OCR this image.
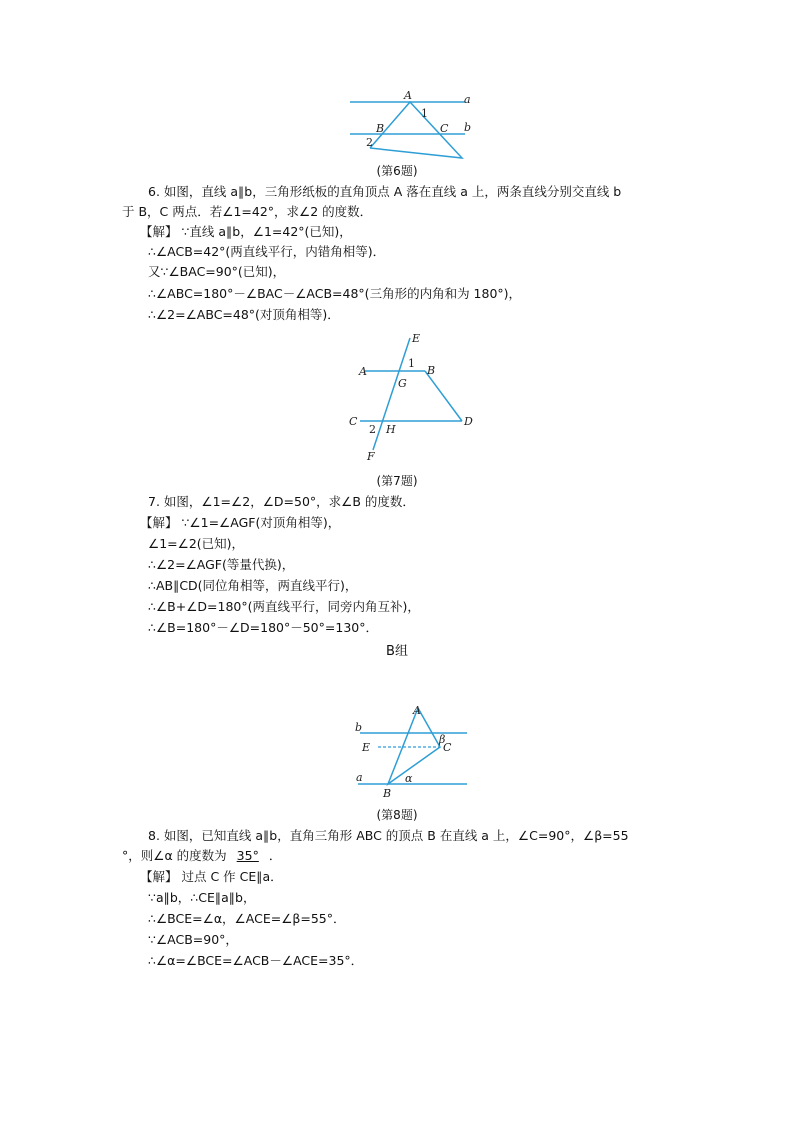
A	a
1
B	C b
2
(第6题)
6. 如图，直线 a∥b，三角形纸板的直角顶点 A 落在直线 a 上，两条直线分别交直线 b
于 B，C 两点．若∠1=42°，求∠2 的度数．
【解】 ∵直线 a∥b，∠1=42°(已知)，
∴∠ACB=42°(两直线平行，内错角相等)．
又∵∠BAC=90°(已知)，
∴∠ABC=180°－∠BAC－∠ACB=48°(三角形的内角和为 180°)，
∴∠2=∠ABC=48°(对顶角相等)．
E
A
1
B
G
C	D
2 H
F
(第7题)
7. 如图，∠1=∠2，∠D=50°，求∠B 的度数．
【解】 ∵∠1=∠AGF(对顶角相等)，
∠1=∠2(已知)，
∴∠2=∠AGF(等量代换)，
∴AB∥CD(同位角相等，两直线平行)，
∴∠B+∠D=180°(两直线平行，同旁内角互补)，
∴∠B=180°－∠D=180°－50°=130°．
B组
A
b
β
E	C
a	α
B
(第8题)
8. 如图，已知直线 a∥b，直角三角形 ABC 的顶点 B 在直线 a 上，∠C=90°，∠β=55
°，则∠α 的度数为 35° ．
【解】 过点 C 作 CE∥a．
∵a∥b，∴CE∥a∥b，
∴∠BCE=∠α，∠ACE=∠β=55°．
∵∠ACB=90°，
∴∠α=∠BCE=∠ACB－∠ACE=35°．
